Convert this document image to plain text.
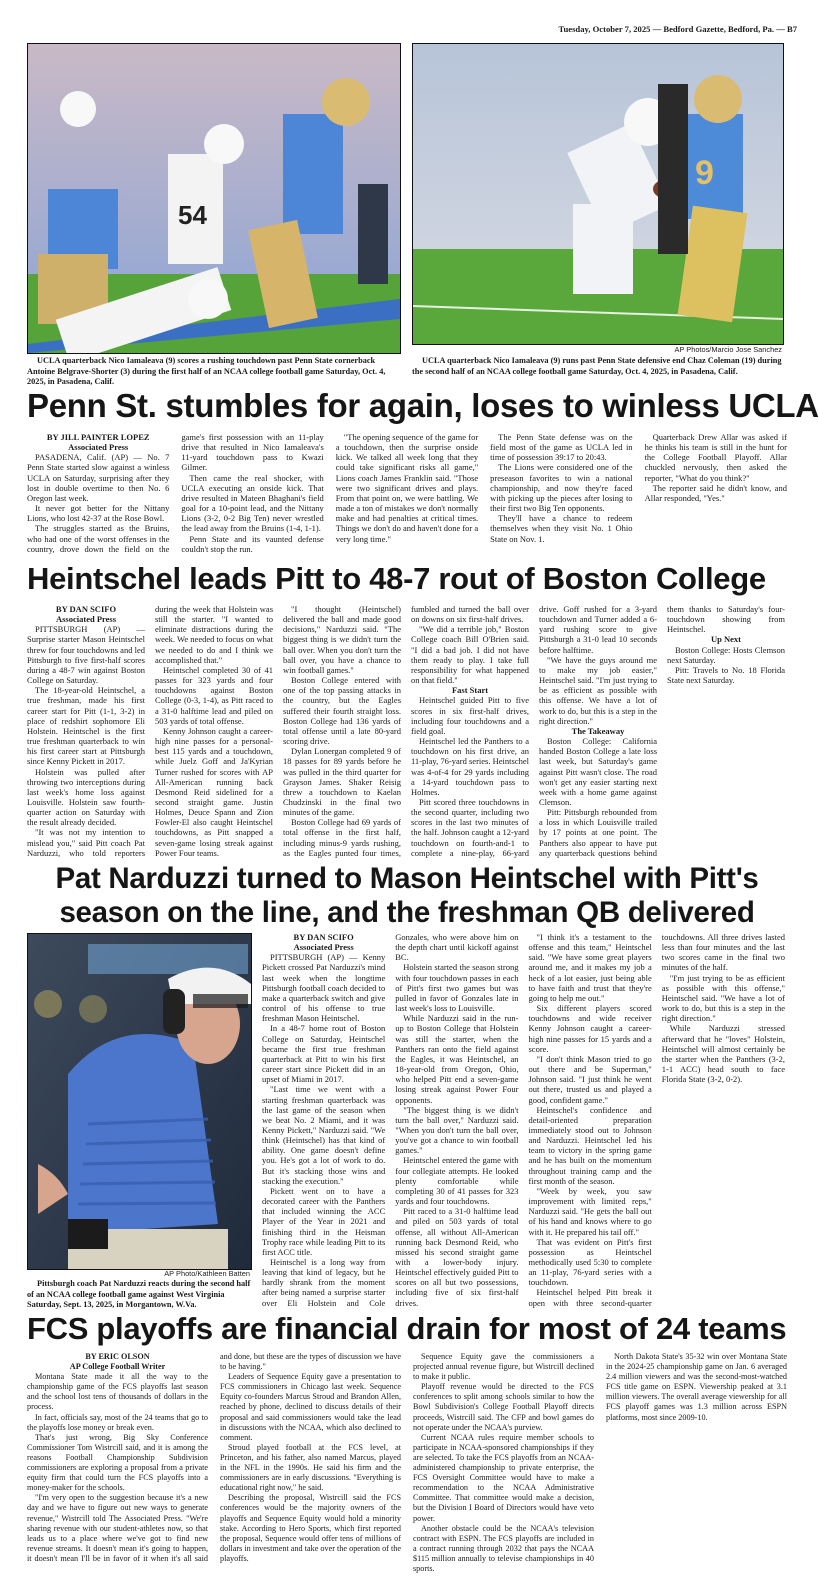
Tuesday, October 7, 2025 — Bedford Gazette, Bedford, Pa. — B7
54
UCLA quarterback Nico Iamaleava (9) scores a rushing touchdown past Penn State cornerback Antoine Belgrave-Shorter (3) during the first half of an NCAA college football game Saturday, Oct. 4, 2025, in Pasadena, Calif.
9
AP Photos/Marcio Jose Sanchez
UCLA quarterback Nico Iamaleava (9) runs past Penn State defensive end Chaz Coleman (19) during the second half of an NCAA college football game Saturday, Oct. 4, 2025, in Pasadena, Calif.
Penn St. stumbles for again, loses to winless UCLA

BY JILL PAINTER LOPEZ

Associated Press

PASADENA, Calif. (AP) — No. 7 Penn State started slow against a winless UCLA on Saturday, surprising after they lost in double overtime to then No. 6 Oregon last week.

It never got better for the Nittany Lions, who lost 42-37 at the Rose Bowl.

The struggles started as the Bruins, who had one of the worst offenses in the country, drove down the field on the game's first possession with an 11-play drive that resulted in Nico Iamaleava's 11-yard touchdown pass to Kwazi Gilmer.

Then came the real shocker, with UCLA executing an onside kick. That drive resulted in Mateen Bhaghani's field goal for a 10-point lead, and the Nittany Lions (3-2, 0-2 Big Ten) never wrestled the lead away from the Bruins (1-4, 1-1).

Penn State and its vaunted defense couldn't stop the run.

"The opening sequence of the game for a touchdown, then the surprise onside kick. We talked all week long that they could take significant risks all game," Lions coach James Franklin said. "Those were two significant drives and plays. From that point on, we were battling. We made a ton of mistakes we don't normally make and had penalties at critical times. Things we don't do and haven't done for a very long time."

The Penn State defense was on the field most of the game as UCLA led in time of possession 39:17 to 20:43.

The Lions were considered one of the preseason favorites to win a national championship, and now they're faced with picking up the pieces after losing to their first two Big Ten opponents.

They'll have a chance to redeem themselves when they visit No. 1 Ohio State on Nov. 1.

Quarterback Drew Allar was asked if he thinks his team is still in the hunt for the College Football Playoff. Allar chuckled nervously, then asked the reporter, "What do you think?"

The reporter said he didn't know, and Allar responded, "Yes."

Heintschel leads Pitt to 48-7 rout of Boston College

BY DAN SCIFO

Associated Press

PITTSBURGH (AP) — Surprise starter Mason Heintschel threw for four touchdowns and led Pittsburgh to five first-half scores during a 48-7 win against Boston College on Saturday.

The 18-year-old Heintschel, a true freshman, made his first career start for Pitt (1-1, 3-2) in place of redshirt sophomore Eli Holstein. Heintschel is the first true freshman quarterback to win his first career start at Pittsburgh since Kenny Pickett in 2017.

Holstein was pulled after throwing two interceptions during last week's home loss against Louisville. Holstein saw fourth-quarter action on Saturday with the result already decided.

"It was not my intention to mislead you," said Pitt coach Pat Narduzzi, who told reporters during the week that Holstein was still the starter. "I wanted to eliminate distractions during the week. We needed to focus on what we needed to do and I think we accomplished that."

Heintschel completed 30 of 41 passes for 323 yards and four touchdowns against Boston College (0-3, 1-4), as Pitt raced to a 31-0 halftime lead and piled on 503 yards of total offense.

Kenny Johnson caught a career-high nine passes for a personal-best 115 yards and a touchdown, while Juelz Goff and Ja'Kyrian Turner rushed for scores with AP All-American running back Desmond Reid sidelined for a second straight game. Justin Holmes, Deuce Spann and Zion Fowler-El also caught Heintschel touchdowns, as Pitt snapped a seven-game losing streak against Power Four teams.

"I thought (Heintschel) delivered the ball and made good decisions," Narduzzi said. "The biggest thing is we didn't turn the ball over. When you don't turn the ball over, you have a chance to win football games."

Boston College entered with one of the top passing attacks in the country, but the Eagles suffered their fourth straight loss. Boston College had 136 yards of total offense until a late 80-yard scoring drive.

Dylan Lonergan completed 9 of 18 passes for 89 yards before he was pulled in the third quarter for Grayson James. Shaker Reisig threw a touchdown to Kaelan Chudzinski in the final two minutes of the game.

Boston College had 69 yards of total offense in the first half, including minus-9 yards rushing, as the Eagles punted four times, fumbled and turned the ball over on downs on six first-half drives.

"We did a terrible job," Boston College coach Bill O'Brien said. "I did a bad job. I did not have them ready to play. I take full responsibility for what happened on that field."

Fast Start

Heintschel guided Pitt to five scores in six first-half drives, including four touchdowns and a field goal.

Heintschel led the Panthers to a touchdown on his first drive, an 11-play, 76-yard series. Heintschel was 4-of-4 for 29 yards including a 14-yard touchdown pass to Holmes.

Pitt scored three touchdowns in the second quarter, including two scores in the last two minutes of the half. Johnson caught a 12-yard touchdown on fourth-and-1 to complete a nine-play, 66-yard drive. Goff rushed for a 3-yard touchdown and Turner added a 6-yard rushing score to give Pittsburgh a 31-0 lead 10 seconds before halftime.

"We have the guys around me to make my job easier," Heintschel said. "I'm just trying to be as efficient as possible with this offense. We have a lot of work to do, but this is a step in the right direction."

The Takeaway

Boston College: California handed Boston College a late loss last week, but Saturday's game against Pitt wasn't close. The road won't get any easier starting next week with a home game against Clemson.

Pitt: Pittsburgh rebounded from a loss in which Louisville trailed by 17 points at one point. The Panthers also appear to have put any quarterback questions behind them thanks to Saturday's four-touchdown showing from Heintschel.

Up Next

Boston College: Hosts Clemson next Saturday.

Pitt: Travels to No. 18 Florida State next Saturday.

Pat Narduzzi turned to Mason Heintschel with Pitt's
season on the line, and the freshman QB delivered
AP Photo/Kathleen Batten
Pittsburgh coach Pat Narduzzi reacts during the second half of an NCAA college football game against West Virginia Saturday, Sept. 13, 2025, in Morgantown, W.Va.

BY DAN SCIFO

Associated Press

PITTSBURGH (AP) — Kenny Pickett crossed Pat Narduzzi's mind last week when the longtime Pittsburgh football coach decided to make a quarterback switch and give control of his offense to true freshman Mason Heintschel.

In a 48-7 home rout of Boston College on Saturday, Heintschel became the first true freshman quarterback at Pitt to win his first career start since Pickett did in an upset of Miami in 2017.

"Last time we went with a starting freshman quarterback was the last game of the season when we beat No. 2 Miami, and it was Kenny Pickett," Narduzzi said. "We think (Heintschel) has that kind of ability. One game doesn't define you. He's got a lot of work to do. But it's stacking those wins and stacking the execution."

Pickett went on to have a decorated career with the Panthers that included winning the ACC Player of the Year in 2021 and finishing third in the Heisman Trophy race while leading Pitt to its first ACC title.

Heintschel is a long way from leaving that kind of legacy, but he hardly shrank from the moment after being named a surprise starter over Eli Holstein and Cole Gonzales, who were above him on the depth chart until kickoff against BC.

Holstein started the season strong with four touchdown passes in each of Pitt's first two games but was pulled in favor of Gonzales late in last week's loss to Louisville.

While Narduzzi said in the run-up to Boston College that Holstein was still the starter, when the Panthers ran onto the field against the Eagles, it was Heintschel, an 18-year-old from Oregon, Ohio, who helped Pitt end a seven-game losing streak against Power Four opponents.

"The biggest thing is we didn't turn the ball over," Narduzzi said. "When you don't turn the ball over, you've got a chance to win football games."

Heintschel entered the game with four collegiate attempts. He looked plenty comfortable while completing 30 of 41 passes for 323 yards and four touchdowns.

Pitt raced to a 31-0 halftime lead and piled on 503 yards of total offense, all without All-American running back Desmond Reid, who missed his second straight game with a lower-body injury. Heintschel effectively guided Pitt to scores on all but two possessions, including five of six first-half drives.

"I think it's a testament to the offense and this team," Heintschel said. "We have some great players around me, and it makes my job a heck of a lot easier, just being able to have faith and trust that they're going to help me out."

Six different players scored touchdowns and wide receiver Kenny Johnson caught a career-high nine passes for 15 yards and a score.

"I don't think Mason tried to go out there and be Superman," Johnson said. "I just think he went out there, trusted us and played a good, confident game."

Heintschel's confidence and detail-oriented preparation immediately stood out to Johnson and Narduzzi. Heintschel led his team to victory in the spring game and he has built on the momentum throughout training camp and the first month of the season.

"Week by week, you saw improvement with limited reps," Narduzzi said. "He gets the ball out of his hand and knows where to go with it. He prepared his tail off."

That was evident on Pitt's first possession as Heintschel methodically used 5:30 to complete an 11-play, 76-yard series with a touchdown.

Heintschel helped Pitt break it open with three second-quarter touchdowns. All three drives lasted less than four minutes and the last two scores came in the final two minutes of the half.

"I'm just trying to be as efficient as possible with this offense," Heintschel said. "We have a lot of work to do, but this is a step in the right direction."

While Narduzzi stressed afterward that he "loves" Holstein, Heintschel will almost certainly be the starter when the Panthers (3-2, 1-1 ACC) head south to face Florida State (3-2, 0-2).

FCS playoffs are financial drain for most of 24 teams

BY ERIC OLSON

AP College Football Writer

Montana State made it all the way to the championship game of the FCS playoffs last season and the school lost tens of thousands of dollars in the process.

In fact, officials say, most of the 24 teams that go to the playoffs lose money or break even.

That's just wrong, Big Sky Conference Commissioner Tom Wistrcill said, and it is among the reasons Football Championship Subdivision commissioners are exploring a proposal from a private equity firm that could turn the FCS playoffs into a money-maker for the schools.

"I'm very open to the suggestion because it's a new day and we have to figure out new ways to generate revenue," Wistrcill told The Associated Press. "We're sharing revenue with our student-athletes now, so that leads us to a place where we've got to find new revenue streams. It doesn't mean it's going to happen, it doesn't mean I'll be in favor of it when it's all said and done, but these are the types of discussion we have to be having."

Leaders of Sequence Equity gave a presentation to FCS commissioners in Chicago last week. Sequence Equity co-founders Marcus Stroud and Brandon Allen, reached by phone, declined to discuss details of their proposal and said commissioners would take the lead in discussions with the NCAA, which also declined to comment.

Stroud played football at the FCS level, at Princeton, and his father, also named Marcus, played in the NFL in the 1990s. He said his firm and the commissioners are in early discussions. "Everything is educational right now," he said.

Describing the proposal, Wistrcill said the FCS conferences would be the majority owners of the playoffs and Sequence Equity would hold a minority stake. According to Hero Sports, which first reported the proposal, Sequence would offer tens of millions of dollars in investment and take over the operation of the playoffs.

Sequence Equity gave the commissioners a projected annual revenue figure, but Wistrcill declined to make it public.

Playoff revenue would be directed to the FCS conferences to split among schools similar to how the Bowl Subdivision's College Football Playoff directs proceeds, Wistrcill said. The CFP and bowl games do not operate under the NCAA's purview.

Current NCAA rules require member schools to participate in NCAA-sponsored championships if they are selected. To take the FCS playoffs from an NCAA-administered championship to private enterprise, the FCS Oversight Committee would have to make a recommendation to the NCAA Administrative Committee. That committee would make a decision, but the Division I Board of Directors would have veto power.

Another obstacle could be the NCAA's television contract with ESPN. The FCS playoffs are included in a contract running through 2032 that pays the NCAA $115 million annually to televise championships in 40 sports.

North Dakota State's 35-32 win over Montana State in the 2024-25 championship game on Jan. 6 averaged 2.4 million viewers and was the second-most-watched FCS title game on ESPN. Viewership peaked at 3.1 million viewers. The overall average viewership for all FCS playoff games was 1.3 million across ESPN platforms, most since 2009-10.
